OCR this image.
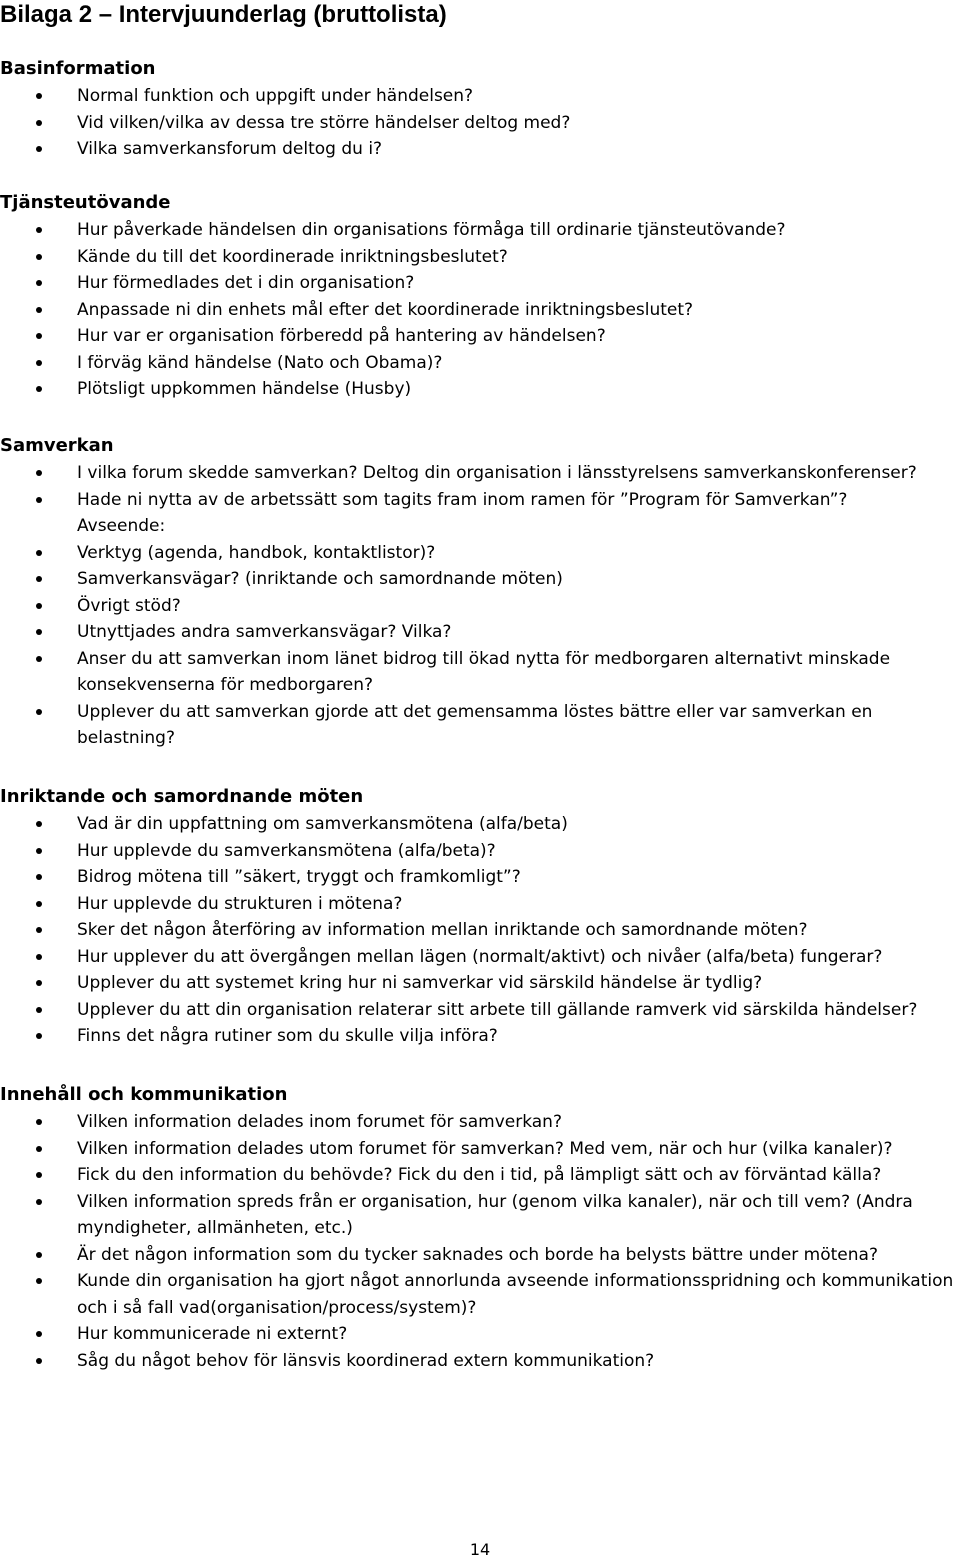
Bilaga 2 – Intervjuunderlag (bruttolista)
Basinformation
Normal funktion och uppgift under händelsen?
Vid vilken/vilka av dessa tre större händelser deltog med?
Vilka samverkansforum deltog du i?
Tjänsteutövande
Hur påverkade händelsen din organisations förmåga till ordinarie tjänsteutövande?
Kände du till det koordinerade inriktningsbeslutet?
Hur förmedlades det i din organisation?
Anpassade ni din enhets mål efter det koordinerade inriktningsbeslutet?
Hur var er organisation förberedd på hantering av händelsen?
I förväg känd händelse (Nato och Obama)?
Plötsligt uppkommen händelse (Husby)
Samverkan
I vilka forum skedde samverkan? Deltog din organisation i länsstyrelsens samverkanskonferenser?
Hade ni nytta av de arbetssätt som tagits fram inom ramen för ”Program för Samverkan”?
Avseende:
Verktyg (agenda, handbok, kontaktlistor)?
Samverkansvägar? (inriktande och samordnande möten)
Övrigt stöd?
Utnyttjades andra samverkansvägar? Vilka?
Anser du att samverkan inom länet bidrog till ökad nytta för medborgaren alternativt minskade konsekvenserna för medborgaren?
Upplever du att samverkan gjorde att det gemensamma löstes bättre eller var samverkan en belastning?
Inriktande och samordnande möten
Vad är din uppfattning om samverkansmötena (alfa/beta)
Hur upplevde du samverkansmötena (alfa/beta)?
Bidrog mötena till ”säkert, tryggt och framkomligt”?
Hur upplevde du strukturen i mötena?
Sker det någon återföring av information mellan inriktande och samordnande möten?
Hur upplever du att övergången mellan lägen (normalt/aktivt) och nivåer (alfa/beta) fungerar?
Upplever du att systemet kring hur ni samverkar vid särskild händelse är tydlig?
Upplever du att din organisation relaterar sitt arbete till gällande ramverk vid särskilda händelser?
Finns det några rutiner som du skulle vilja införa?
Innehåll och kommunikation
Vilken information delades inom forumet för samverkan?
Vilken information delades utom forumet för samverkan? Med vem, när och hur (vilka kanaler)?
Fick du den information du behövde? Fick du den i tid, på lämpligt sätt och av förväntad källa?
Vilken information spreds från er organisation, hur (genom vilka kanaler), när och till vem? (Andra myndigheter, allmänheten, etc.)
Är det någon information som du tycker saknades och borde ha belysts bättre under mötena?
Kunde din organisation ha gjort något annorlunda avseende informationsspridning och kommunikation och i så fall vad(organisation/process/system)?
Hur kommunicerade ni externt?
Såg du något behov för länsvis koordinerad extern kommunikation?
14
